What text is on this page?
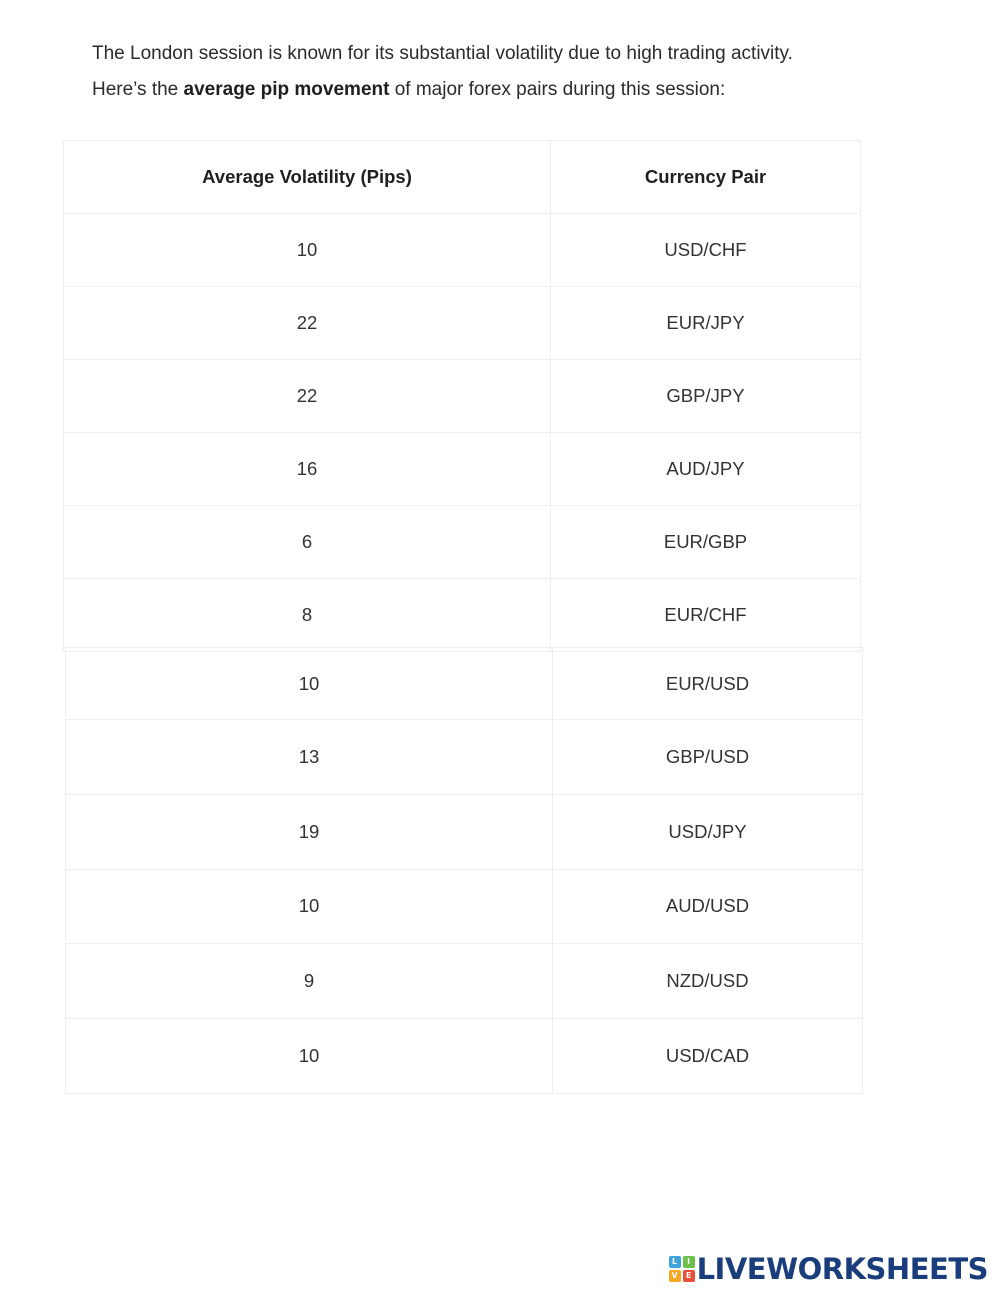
The London session is known for its substantial volatility due to high trading activity.

Here’s the average pip movement of major forex pairs during this session:

Average Volatility (Pips)	Currency Pair
10	USD/CHF
22	EUR/JPY
22	GBP/JPY
16	AUD/JPY
6	EUR/GBP
8	EUR/CHF
10	EUR/USD
13	GBP/USD
19	USD/JPY
10	AUD/USD
9	NZD/USD
10	USD/CAD
L	I
V	E LIVEWORKSHEETS
